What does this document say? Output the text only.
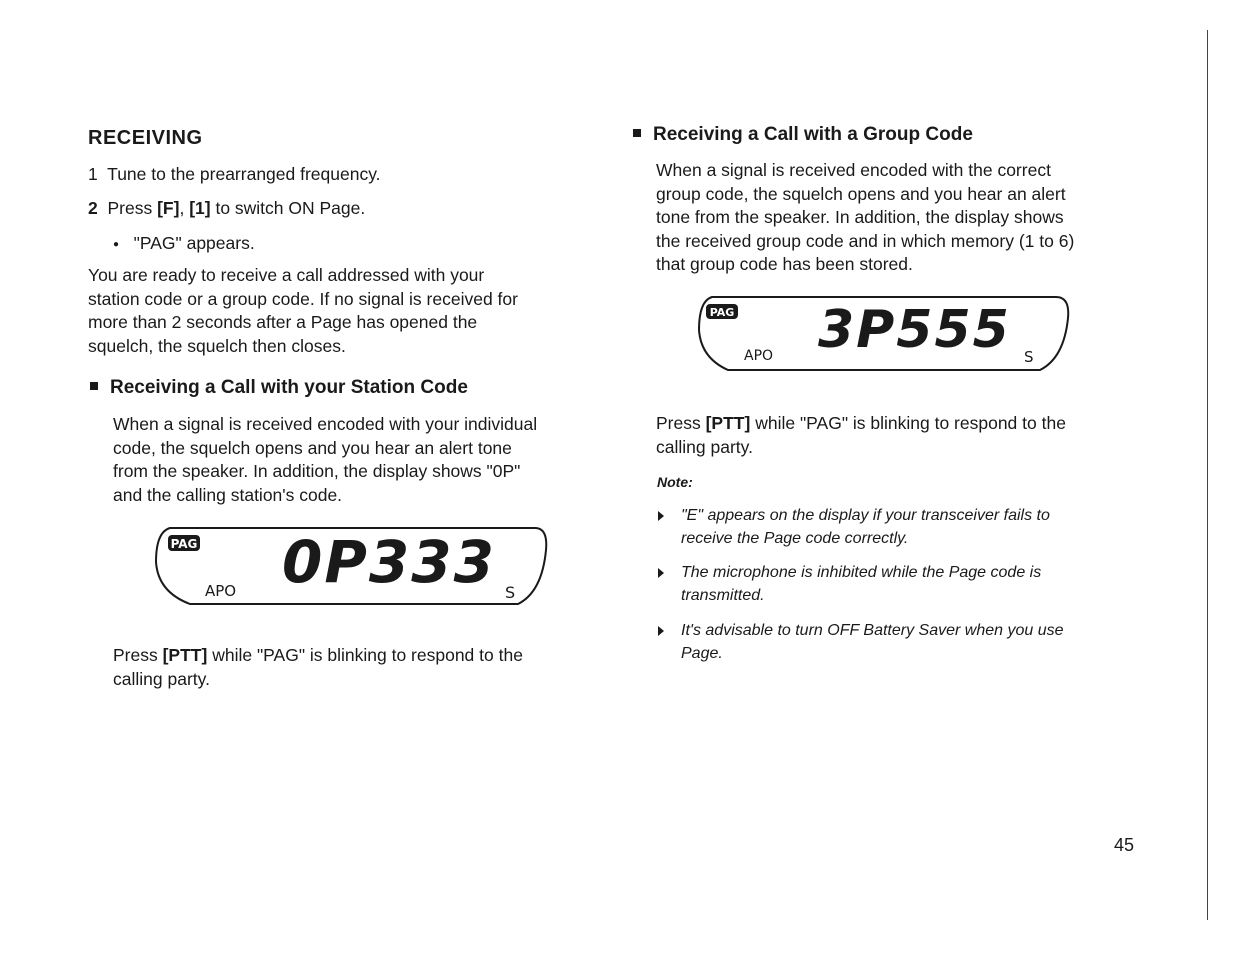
RECEIVING
1 Tune to the prearranged frequency.
2 Press [F], [1] to switch ON Page.
● "PAG" appears.
You are ready to receive a call addressed with your
station code or a group code. If no signal is received for
more than 2 seconds after a Page has opened the
squelch, the squelch then closes.
Receiving a Call with your Station Code
When a signal is received encoded with your individual
code, the squelch opens and you hear an alert tone
from the speaker. In addition, the display shows "0P"
and the calling station's code.
PAG
APO	S
0P333
Press [PTT] while "PAG" is blinking to respond to the
calling party.
Receiving a Call with a Group Code
When a signal is received encoded with the correct
group code, the squelch opens and you hear an alert
tone from the speaker. In addition, the display shows
the received group code and in which memory (1 to 6)
that group code has been stored.
PAG
APO	S
3P555
Press [PTT] while "PAG" is blinking to respond to the
calling party.
Note:
"E" appears on the display if your transceiver fails to
receive the Page code correctly.
The microphone is inhibited while the Page code is
transmitted.
It's advisable to turn OFF Battery Saver when you use
Page.
45
